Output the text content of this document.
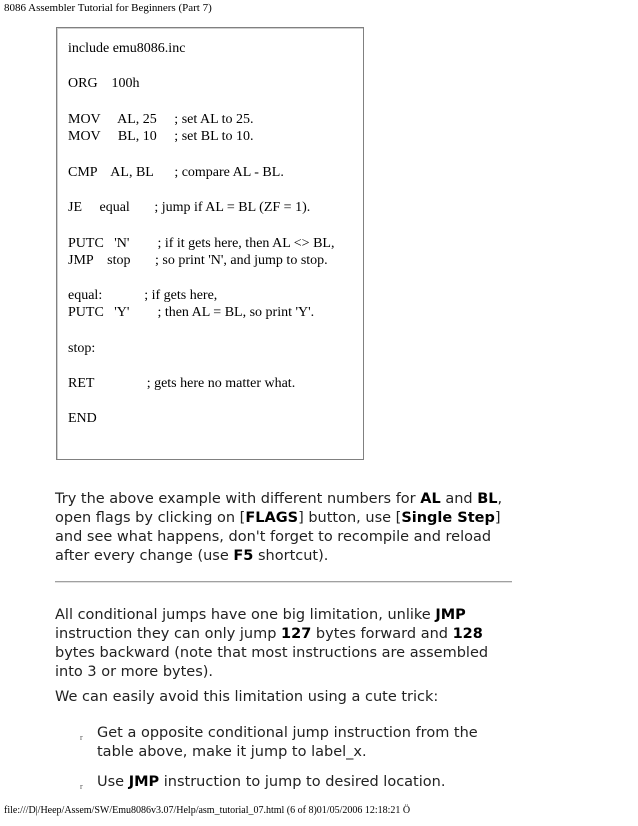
8086 Assembler Tutorial for Beginners (Part 7)
include emu8086.inc
ORG    100h
MOV     AL, 25     ; set AL to 25.
MOV     BL, 10     ; set BL to 10.
CMP    AL, BL      ; compare AL - BL.
JE     equal       ; jump if AL = BL (ZF = 1).
PUTC   'N'        ; if it gets here, then AL <> BL,
JMP    stop       ; so print 'N', and jump to stop.
equal:            ; if gets here,
PUTC   'Y'        ; then AL = BL, so print 'Y'.
stop:
RET               ; gets here no matter what.
END

Try the above example with different numbers for AL and BL, open flags by clicking on [FLAGS] button, use [Single Step] and see what happens, don't forget to recompile and reload after every change (use F5 shortcut).

All conditional jumps have one big limitation, unlike JMP instruction they can only jump 127 bytes forward and 128 bytes backward (note that most instructions are assembled into 3 or more bytes).

We can easily avoid this limitation using a cute trick:

r Get a opposite conditional jump instruction from the table above, make it jump to label_x.

r Use JMP instruction to jump to desired location.

file:///D|/Heep/Assem/SW/Emu8086v3.07/Help/asm_tutorial_07.html (6 of 8)01/05/2006 12:18:21 Ö
